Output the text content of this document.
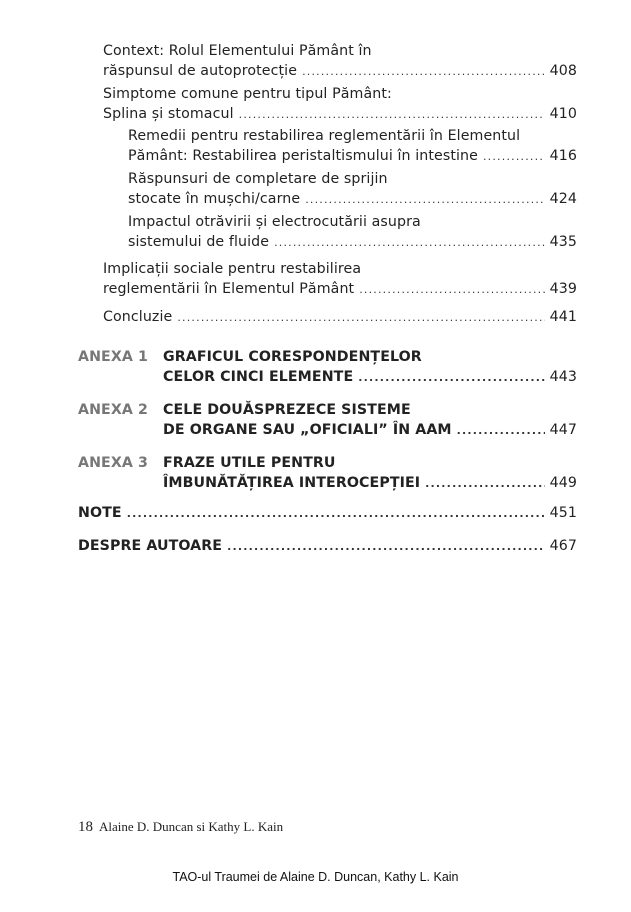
Context: Rolul Elementului Pământ în
răspunsul de autoprotecție .....	408
Simptome comune pentru tipul Pământ:
Splina și stomacul .....	410
Remedii pentru restabilirea reglementării în Elementul
Pământ: Restabilirea peristaltismului în intestine .....	416
Răspunsuri de completare de sprijin
stocate în mușchi/carne .....	424
Impactul otrăvirii și electrocutării asupra
sistemului de fluide .....	435
Implicații sociale pentru restabilirea
reglementării în Elementul Pământ .....	439
Concluzie .....	441
ANEXA 1 GRAFICUL CORESPONDENȚELOR
CELOR CINCI ELEMENTE .....	443
ANEXA 2 CELE DOUĂSPREZECE SISTEME
DE ORGANE SAU „OFICIALI” ÎN AAM .....	447
ANEXA 3 FRAZE UTILE PENTRU
ÎMBUNĂTĂȚIREA INTEROCEPȚIEI .....	449
NOTE .....	451
DESPRE AUTOARE .....	467
18 Alaine D. Duncan si Kathy L. Kain
TAO-ul Traumei de Alaine D. Duncan, Kathy L. Kain
